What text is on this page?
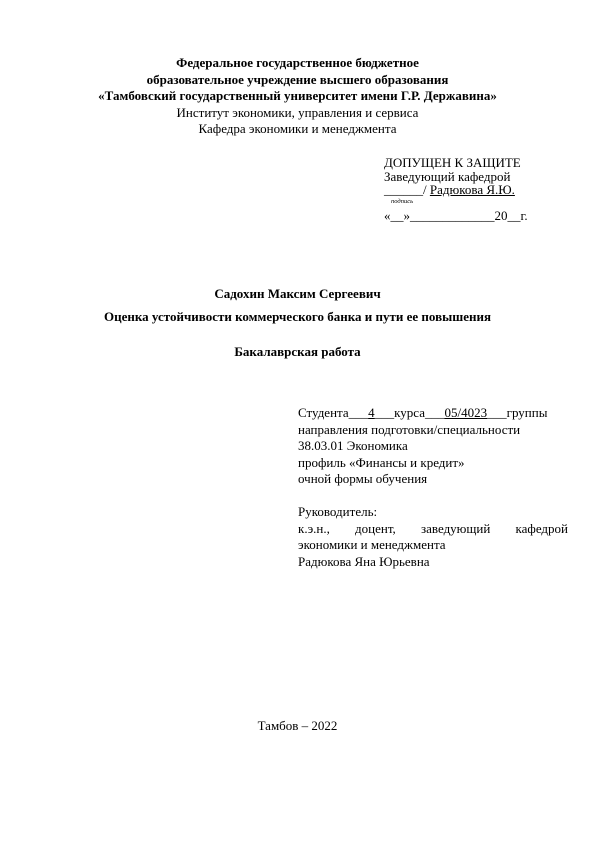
Федеральное государственное бюджетное
образовательное учреждение высшего образования
«Тамбовский государственный университет имени Г.Р. Державина»
Институт экономики, управления и сервиса
Кафедра экономики и менеджмента
ДОПУЩЕН К ЗАЩИТЕ
Заведующий кафедрой
______/ Радюкова Я.Ю.
подпись
«__»_____________20__г.
Садохин Максим Сергеевич
Оценка устойчивости коммерческого банка и пути ее повышения
Бакалаврская работа
Студента___4___курса___05/4023___группы
направления подготовки/специальности
38.03.01 Экономика
профиль «Финансы и кредит»
очной формы обучения
Руководитель:
к.э.н., доцент, заведующий кафедрой
экономики и менеджмента
Радюкова Яна Юрьевна
Тамбов – 2022
